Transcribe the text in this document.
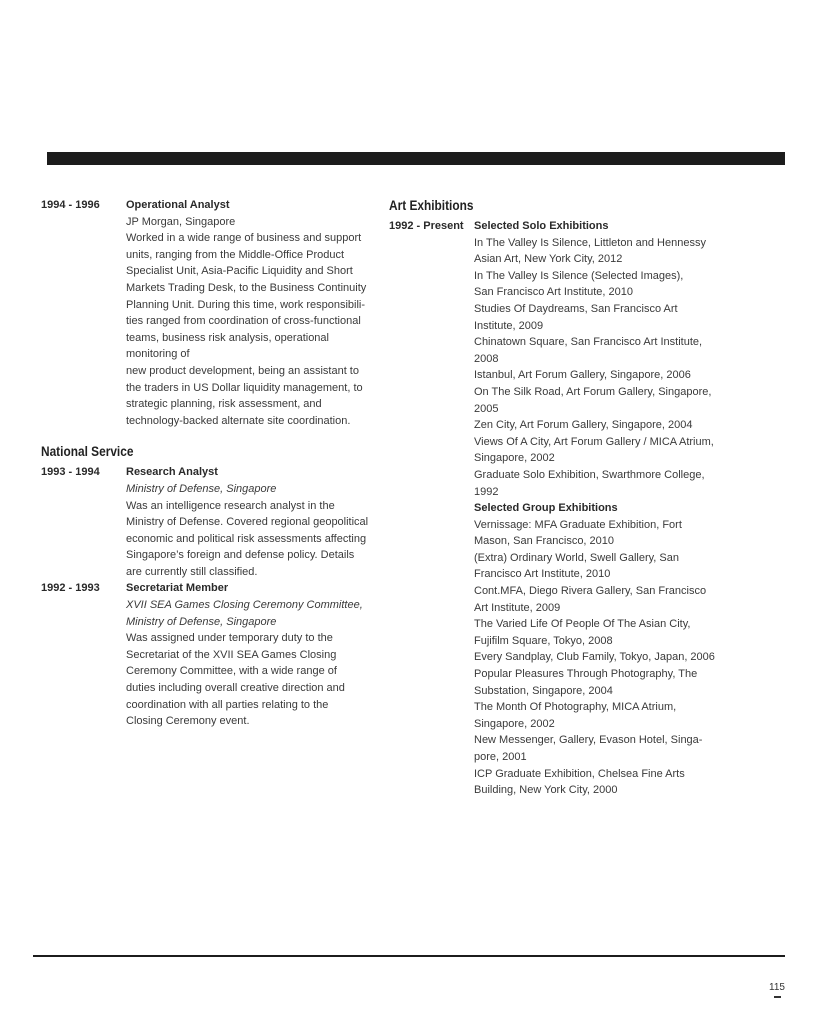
1994 - 1996	Operational Analyst
JP Morgan, Singapore
Worked in a wide range of business and support
units, ranging from the Middle-Office Product
Specialist Unit, Asia-Pacific Liquidity and Short
Markets Trading Desk, to the Business Continuity
Planning Unit. During this time, work responsibili-
ties ranged from coordination of cross-functional
teams, business risk analysis, operational
monitoring of
new product development, being an assistant to
the traders in US Dollar liquidity management, to
strategic planning, risk assessment, and
technology-backed alternate site coordination.
National Service
1993 - 1994	Research Analyst
Ministry of Defense, Singapore
Was an intelligence research analyst in the
Ministry of Defense. Covered regional geopolitical
economic and political risk assessments affecting
Singapore’s foreign and defense policy. Details
are currently still classified.
1992 - 1993	Secretariat Member
XVII SEA Games Closing Ceremony Committee,
Ministry of Defense, Singapore
Was assigned under temporary duty to the
Secretariat of the XVII SEA Games Closing
Ceremony Committee, with a wide range of
duties including overall creative direction and
coordination with all parties relating to the
Closing Ceremony event.
Art Exhibitions
1992 - Present Selected Solo Exhibitions
In The Valley Is Silence, Littleton and Hennessy
Asian Art, New York City, 2012
In The Valley Is Silence (Selected Images),
San Francisco Art Institute, 2010
Studies Of Daydreams, San Francisco Art
Institute, 2009
Chinatown Square, San Francisco Art Institute,
2008
Istanbul, Art Forum Gallery, Singapore, 2006
On The Silk Road, Art Forum Gallery, Singapore,
2005
Zen City, Art Forum Gallery, Singapore, 2004
Views Of A City, Art Forum Gallery / MICA Atrium,
Singapore, 2002
Graduate Solo Exhibition, Swarthmore College,
1992
Selected Group Exhibitions
Vernissage: MFA Graduate Exhibition, Fort
Mason, San Francisco, 2010
(Extra) Ordinary World, Swell Gallery, San
Francisco Art Institute, 2010
Cont.MFA, Diego Rivera Gallery, San Francisco
Art Institute, 2009
The Varied Life Of People Of The Asian City,
Fujifilm Square, Tokyo, 2008
Every Sandplay, Club Family, Tokyo, Japan, 2006
Popular Pleasures Through Photography, The
Substation, Singapore, 2004
The Month Of Photography, MICA Atrium,
Singapore, 2002
New Messenger, Gallery, Evason Hotel, Singa-
pore, 2001
ICP Graduate Exhibition, Chelsea Fine Arts
Building, New York City, 2000
115
